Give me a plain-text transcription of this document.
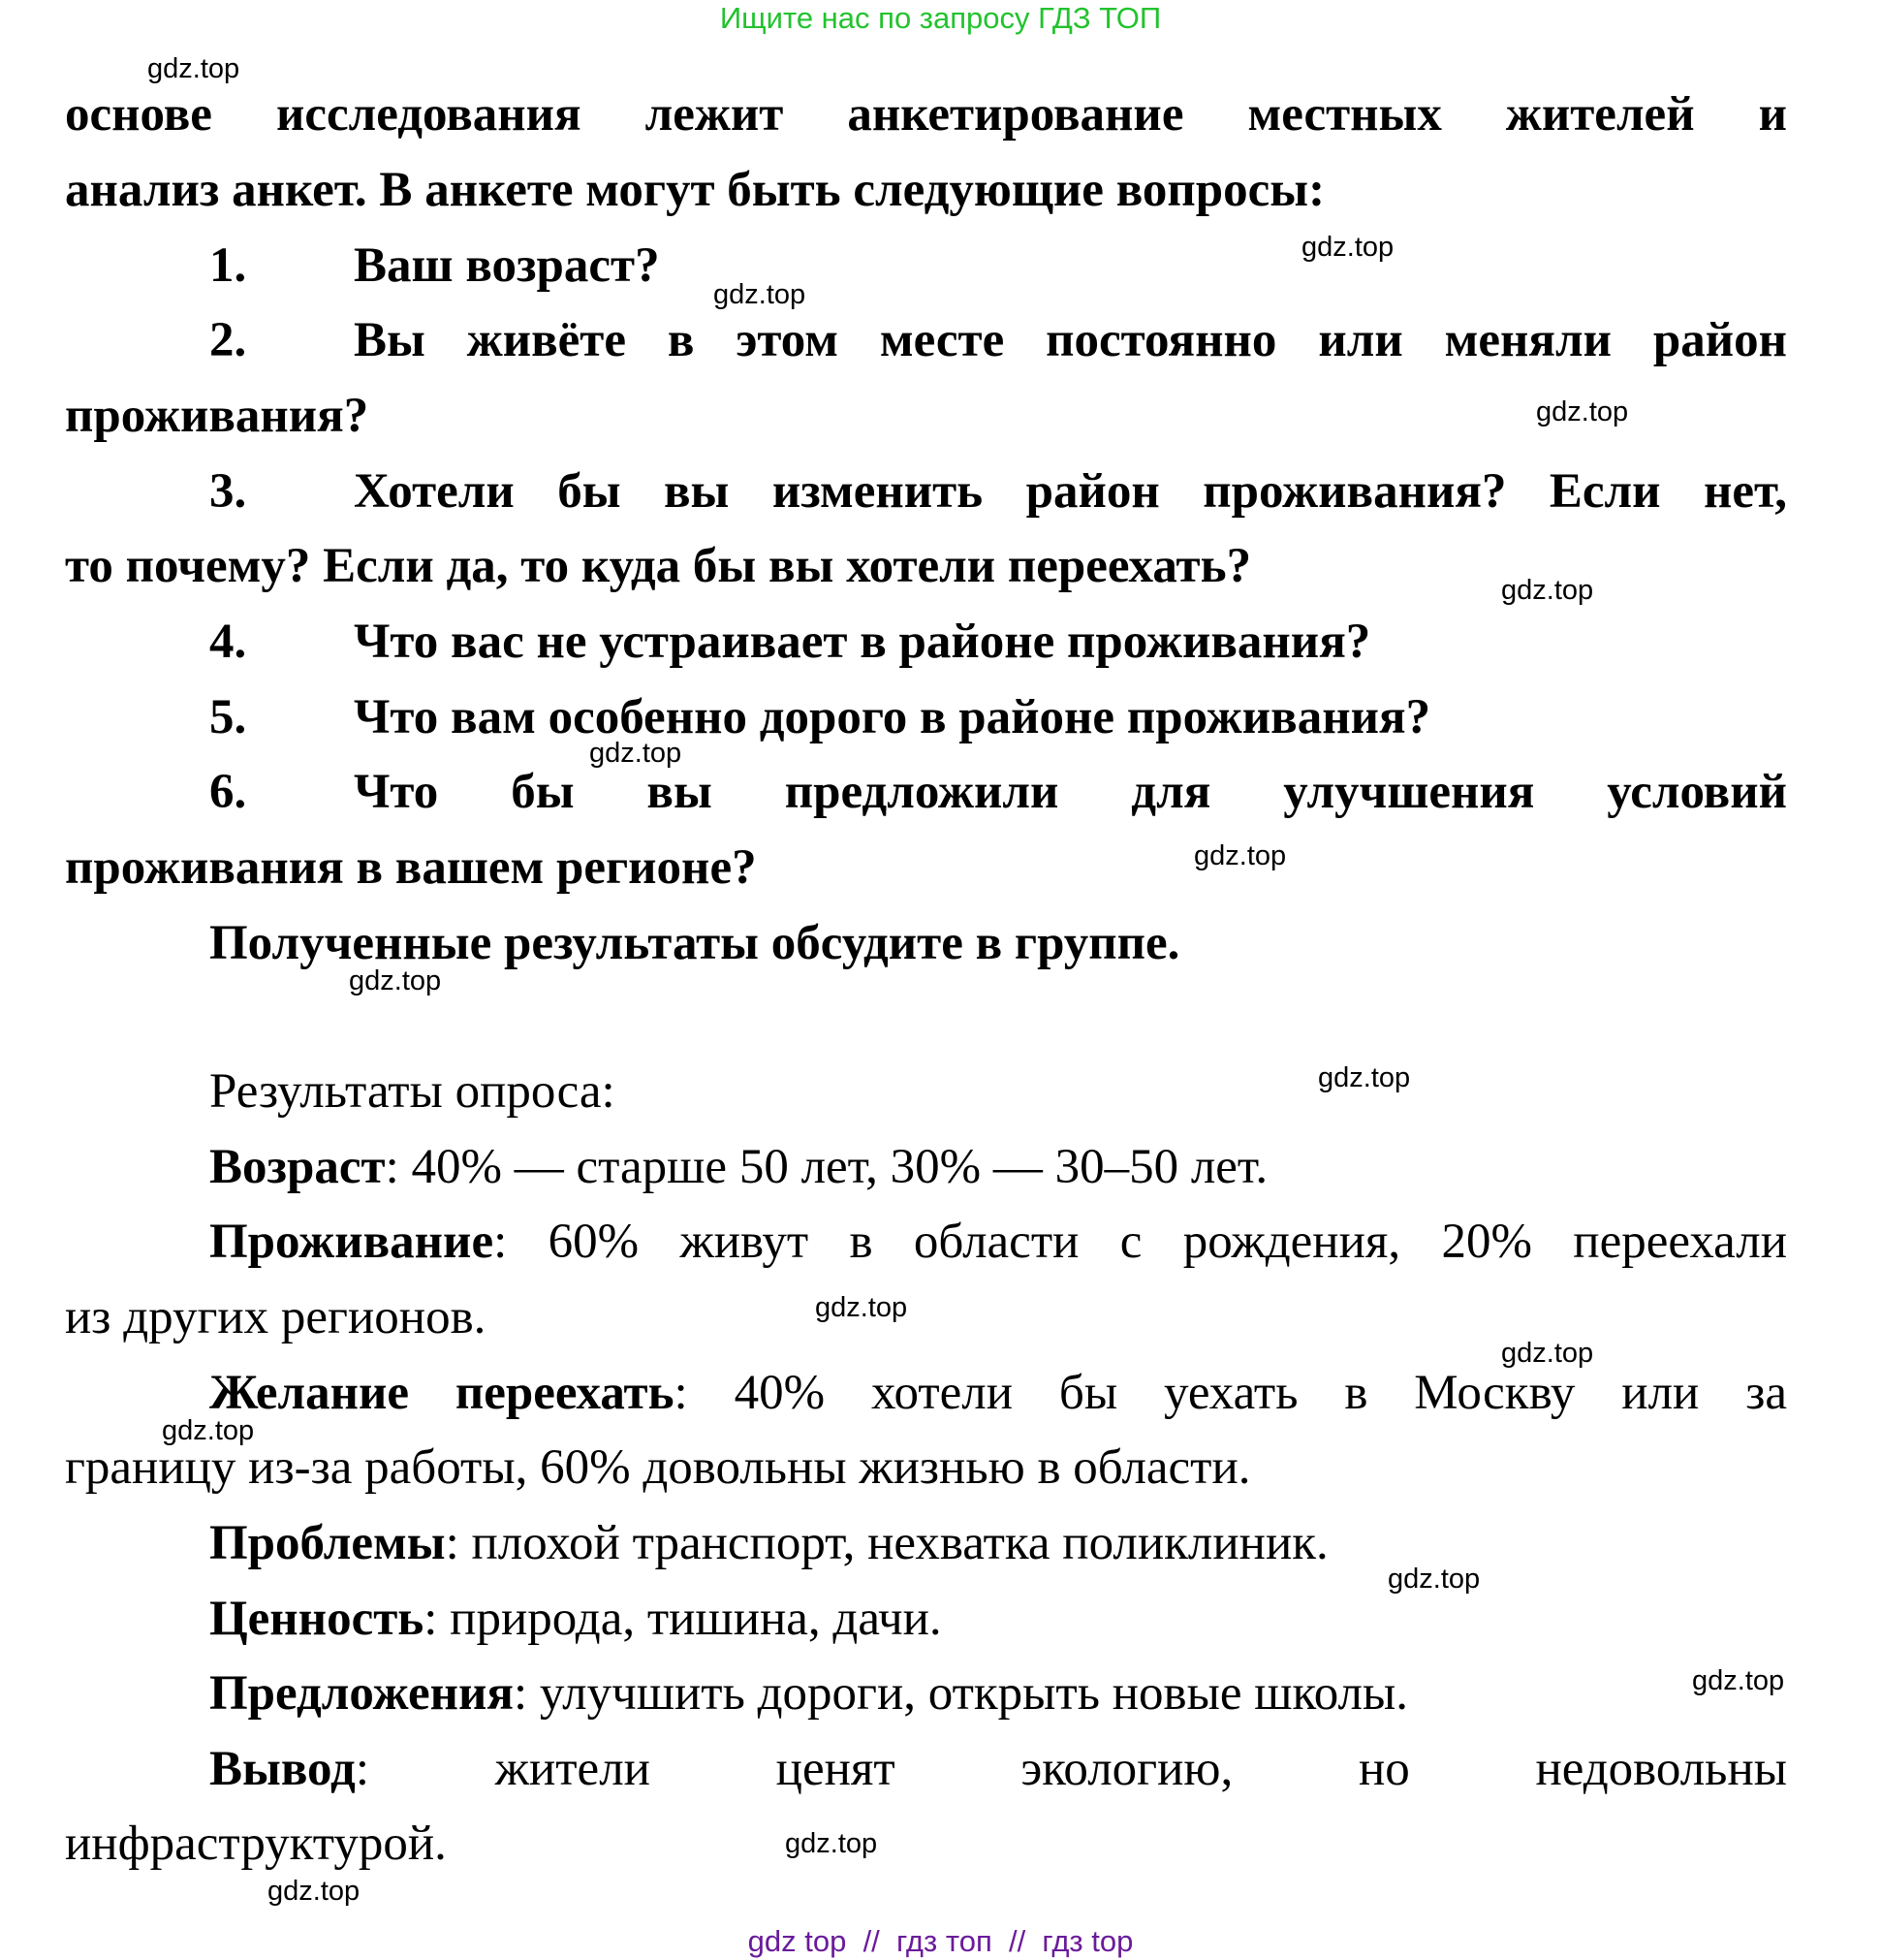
Ищите нас по запросу ГДЗ ТОП
основе исследования лежит анкетирование местных жителей и
анализ анкет. В анкете могут быть следующие вопросы:
1. Ваш возраст?
2. Вы живёте в этом месте постоянно или меняли район
проживания?
3. Хотели бы вы изменить район проживания? Если нет,
то почему? Если да, то куда бы вы хотели переехать?
4. Что вас не устраивает в районе проживания?
5. Что вам особенно дорого в районе проживания?
6. Что бы вы предложили для улучшения условий
проживания в вашем регионе?
Полученные результаты обсудите в группе.
Результаты опроса:
Возраст: 40% — старше 50 лет, 30% — 30–50 лет.
Проживание: 60% живут в области с рождения, 20% переехали
из других регионов.
Желание переехать: 40% хотели бы уехать в Москву или за
границу из-за работы, 60% довольны жизнью в области.
Проблемы: плохой транспорт, нехватка поликлиник.
Ценность: природа, тишина, дачи.
Предложения: улучшить дороги, открыть новые школы.
Вывод: жители ценят экологию, но недовольны
инфраструктурой.
gdz.top
gdz.top
gdz.top
gdz.top
gdz.top
gdz.top
gdz.top
gdz.top
gdz.top
gdz.top
gdz.top
gdz.top
gdz.top
gdz.top
gdz.top
gdz.top
gdz top  //  гдз топ  //  гдз top
